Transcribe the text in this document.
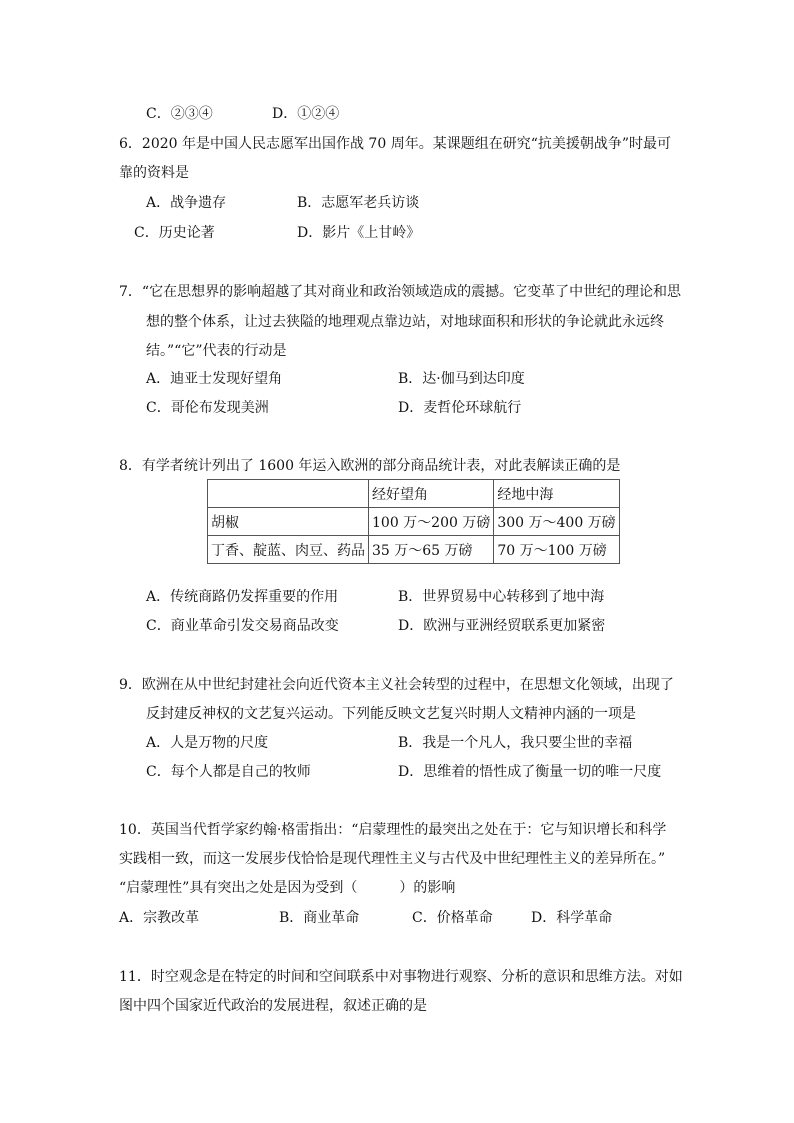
C．②③④	D．①②④
6．2020 年是中国人民志愿军出国作战 70 周年。某课题组在研究“抗美援朝战争”时最可
靠的资料是
A．战争遗存	B．志愿军老兵访谈
C．历史论著	D．影片《上甘岭》
7．“它在思想界的影响超越了其对商业和政治领域造成的震撼。它变革了中世纪的理论和思
想的整个体系，让过去狭隘的地理观点靠边站，对地球面积和形状的争论就此永远终
结。”“它”代表的行动是
A．迪亚士发现好望角	B．达·伽马到达印度
C．哥伦布发现美洲	D．麦哲伦环球航行
8．有学者统计列出了 1600 年运入欧洲的部分商品统计表，对此表解读正确的是
	经好望角	经地中海
胡椒	100 万～200 万磅	300 万～400 万磅
丁香、靛蓝、肉豆、药品	35 万～65 万磅	70 万～100 万磅
A．传统商路仍发挥重要的作用	B．世界贸易中心转移到了地中海
C．商业革命引发交易商品改变	D．欧洲与亚洲经贸联系更加紧密
9．欧洲在从中世纪封建社会向近代资本主义社会转型的过程中，在思想文化领域，出现了
反封建反神权的文艺复兴运动。下列能反映文艺复兴时期人文精神内涵的一项是
A．人是万物的尺度	B．我是一个凡人，我只要尘世的幸福
C．每个人都是自己的牧师	D．思维着的悟性成了衡量一切的唯一尺度
10．英国当代哲学家约翰·格雷指出：“启蒙理性的最突出之处在于：它与知识增长和科学
实践相一致，而这一发展步伐恰恰是现代理性主义与古代及中世纪理性主义的差异所在。”
“启蒙理性”具有突出之处是因为受到（　　　）的影响
A．宗教改革	B．商业革命	C．价格革命	D．科学革命
11．时空观念是在特定的时间和空间联系中对事物进行观察、分析的意识和思维方法。对如
图中四个国家近代政治的发展进程，叙述正确的是
